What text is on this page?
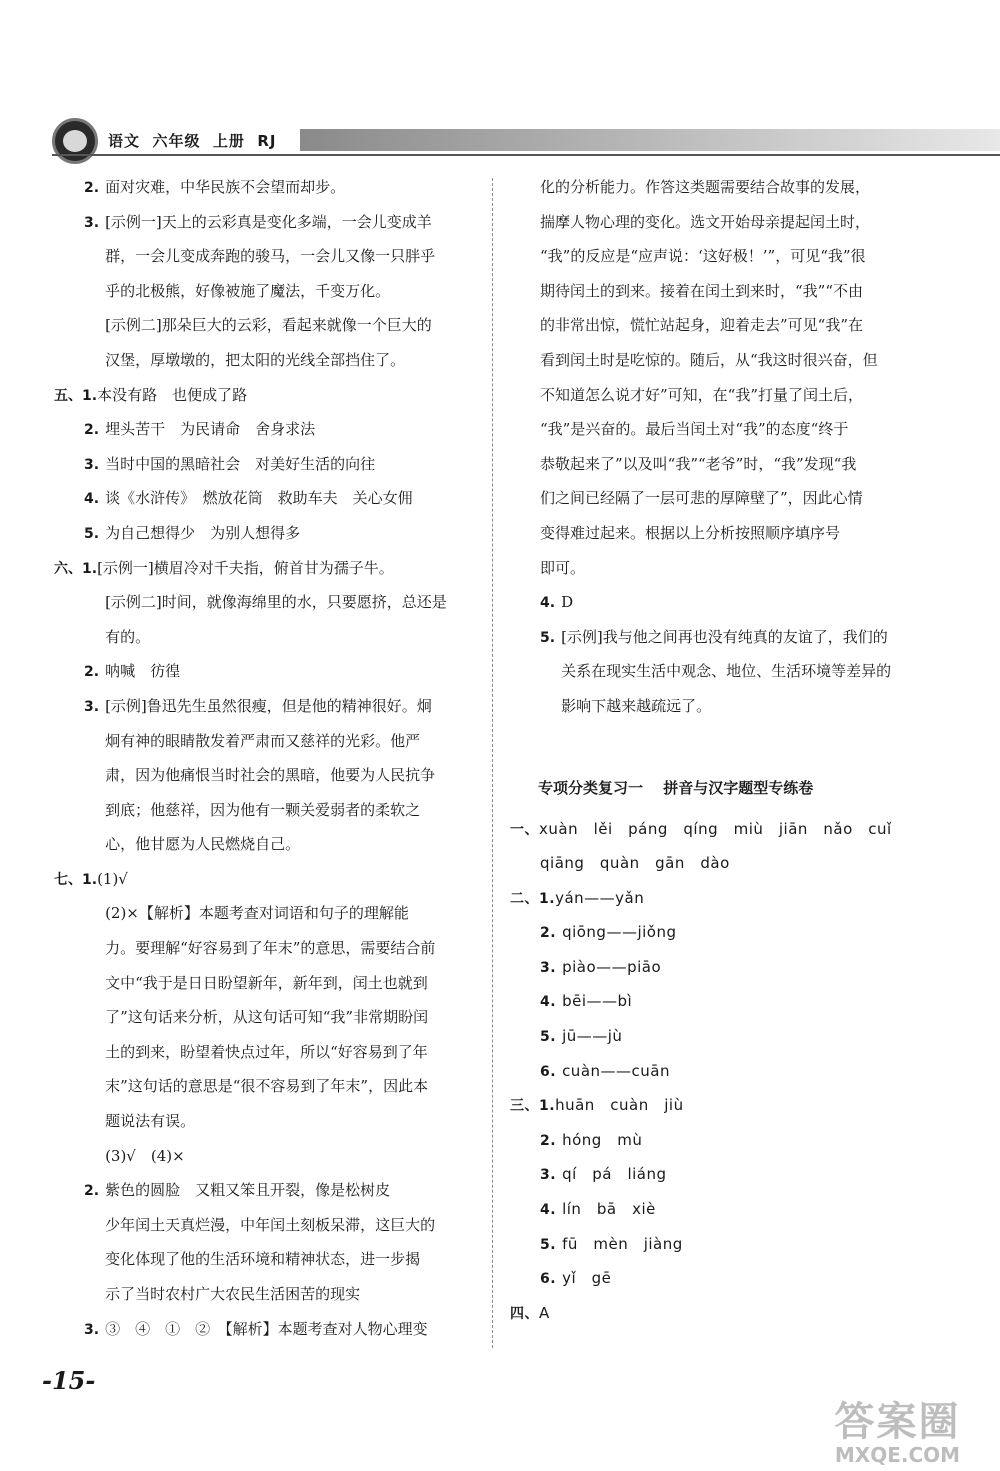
语文  六年级  上册  RJ
2. 面对灾难，中华民族不会望而却步。
3. [示例一]天上的云彩真是变化多端，一会儿变成羊
群，一会儿变成奔跑的骏马，一会儿又像一只胖乎
乎的北极熊，好像被施了魔法，千变万化。
[示例二]那朵巨大的云彩，看起来就像一个巨大的
汉堡，厚墩墩的，把太阳的光线全部挡住了。
五、1.本没有路　也便成了路
2. 埋头苦干　为民请命　舍身求法
3. 当时中国的黑暗社会　对美好生活的向往
4. 谈《水浒传》　燃放花筒　救助车夫　关心女佣
5. 为自己想得少　为别人想得多
六、1.[示例一]横眉冷对千夫指，俯首甘为孺子牛。
[示例二]时间，就像海绵里的水，只要愿挤，总还是
有的。
2. 呐喊　彷徨
3. [示例]鲁迅先生虽然很瘦，但是他的精神很好。炯
炯有神的眼睛散发着严肃而又慈祥的光彩。他严
肃，因为他痛恨当时社会的黑暗，他要为人民抗争
到底；他慈祥，因为他有一颗关爱弱者的柔软之
心，他甘愿为人民燃烧自己。
七、1.(1)√
(2)×【解析】本题考查对词语和句子的理解能
力。要理解“好容易到了年末”的意思，需要结合前
文中“我于是日日盼望新年，新年到，闰土也就到
了”这句话来分析，从这句话可知“我”非常期盼闰
土的到来，盼望着快点过年，所以“好容易到了年
末”这句话的意思是“很不容易到了年末”，因此本
题说法有误。
(3)√　(4)×
2. 紫色的圆脸　又粗又笨且开裂，像是松树皮
少年闰土天真烂漫，中年闰土刻板呆滞，这巨大的
变化体现了他的生活环境和精神状态，进一步揭
示了当时农村广大农民生活困苦的现实
3. ③　④　①　②　【解析】本题考查对人物心理变
化的分析能力。作答这类题需要结合故事的发展，
揣摩人物心理的变化。选文开始母亲提起闰土时，
“我”的反应是“应声说：‘这好极！’”，可见“我”很
期待闰土的到来。接着在闰土到来时，“我”“不由
的非常出惊，慌忙站起身，迎着走去”可见“我”在
看到闰土时是吃惊的。随后，从“我这时很兴奋，但
不知道怎么说才好”可知，在“我”打量了闰土后，
“我”是兴奋的。最后当闰土对“我”的态度“终于
恭敬起来了”以及叫“我”“老爷”时，“我”发现“我
们之间已经隔了一层可悲的厚障壁了”，因此心情
变得难过起来。根据以上分析按照顺序填序号
即可。
4. D
5. [示例]我与他之间再也没有纯真的友谊了，我们的
关系在现实生活中观念、地位、生活环境等差异的
影响下越来越疏远了。
专项分类复习一　 拼音与汉字题型专练卷
一、xuàn　lěi　páng　qíng　miù　jiān　nǎo　cuǐ
qiāng　quàn　gān　dào
二、1.yán——yǎn
2. qiōng——jiǒng
3. piào——piāo
4. bēi——bì
5. jū——jù
6. cuàn——cuān
三、1.huān　cuàn　jiù
2. hóng　mù
3. qí　pá　liáng
4. lín　bā　xiè
5. fū　mèn　jiàng
6. yǐ　gē
四、A
-15-
答案圈
MXQE.COM
